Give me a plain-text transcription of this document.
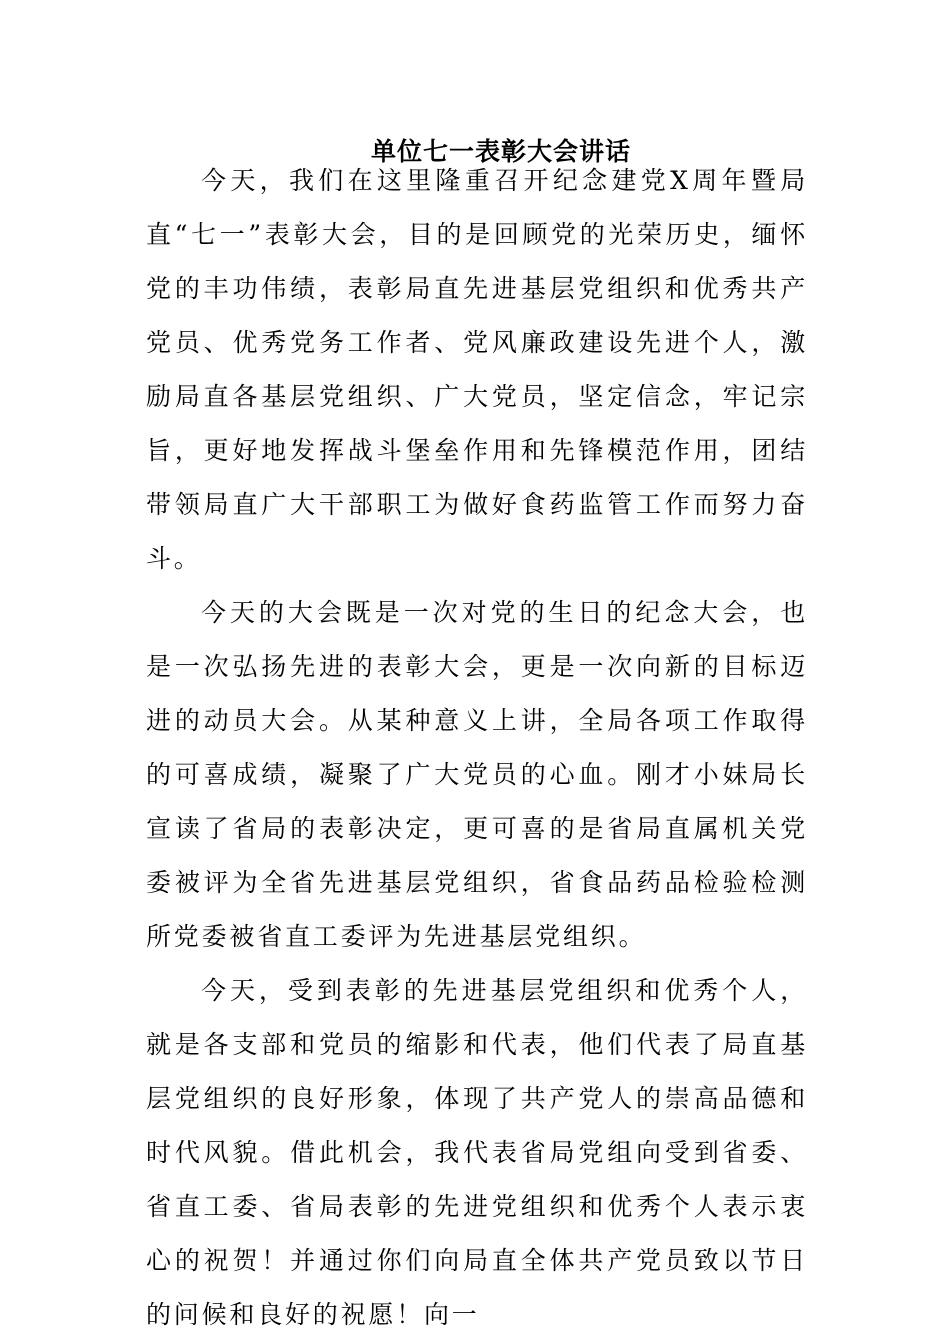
单位七一表彰大会讲话

今天，我们在这里隆重召开纪念建党X周年暨局直“七一”表彰大会，目的是回顾党的光荣历史，缅怀党的丰功伟绩，表彰局直先进基层党组织和优秀共产党员、优秀党务工作者、党风廉政建设先进个人，激励局直各基层党组织、广大党员，坚定信念，牢记宗旨，更好地发挥战斗堡垒作用和先锋模范作用，团结带领局直广大干部职工为做好食药监管工作而努力奋斗。

今天的大会既是一次对党的生日的纪念大会，也是一次弘扬先进的表彰大会，更是一次向新的目标迈进的动员大会。从某种意义上讲，全局各项工作取得的可喜成绩，凝聚了广大党员的心血。刚才小妹局长宣读了省局的表彰决定，更可喜的是省局直属机关党委被评为全省先进基层党组织，省食品药品检验检测所党委被省直工委评为先进基层党组织。

今天，受到表彰的先进基层党组织和优秀个人，就是各支部和党员的缩影和代表，他们代表了局直基层党组织的良好形象，体现了共产党人的崇高品德和时代风貌。借此机会，我代表省局党组向受到省委、省直工委、省局表彰的先进党组织和优秀个人表示衷心的祝贺！并通过你们向局直全体共产党员致以节日的问候和良好的祝愿！向一
